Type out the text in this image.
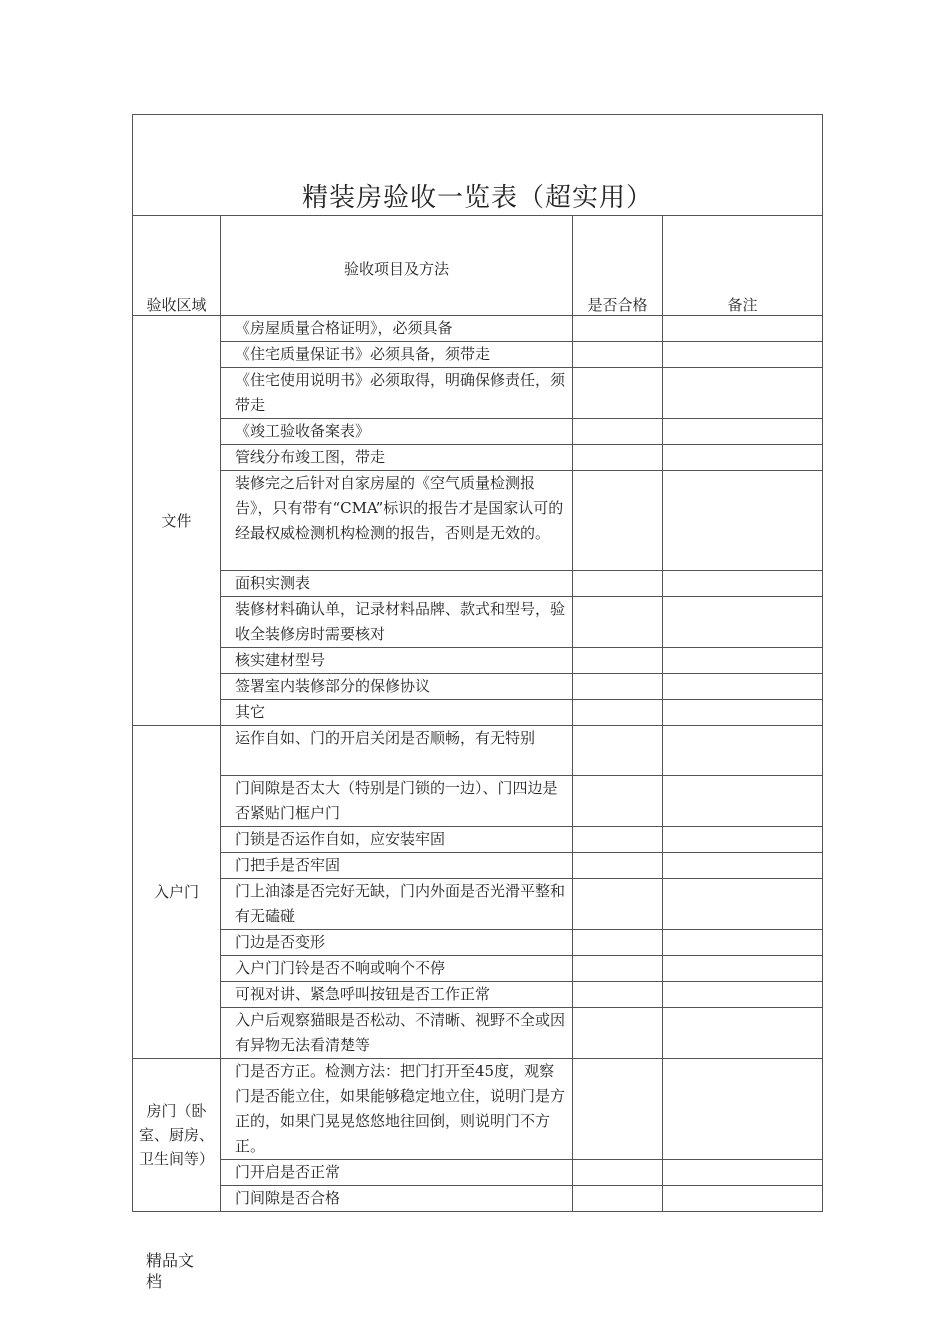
精装房验收一览表（超实用）			
验收区域	验收项目及方法	是否合格	备注
文件	《房屋质量合格证明》，必须具备		
	《住宅质量保证书》必须具备，须带走		
	《住宅使用说明书》必须取得，明确保修责任，须带走		
	《竣工验收备案表》		
	管线分布竣工图，带走		
	装修完之后针对自家房屋的《空气质量检测报告》，只有带有“CMA”标识的报告才是国家认可的经最权威检测机构检测的报告，否则是无效的。		
	面积实测表		
	装修材料确认单，记录材料品牌、款式和型号，验收全装修房时需要核对		
	核实建材型号		
	签署室内装修部分的保修协议		
	其它		
入户门	运作自如、门的开启关闭是否顺畅，有无特别		
	门间隙是否太大（特别是门锁的一边）、门四边是否紧贴门框户门		
	门锁是否运作自如，应安装牢固		
	门把手是否牢固		
	门上油漆是否完好无缺，门内外面是否光滑平整和有无磕碰		
	门边是否变形		
	入户门门铃是否不响或响个不停		
	可视对讲、紧急呼叫按钮是否工作正常		
	入户后观察猫眼是否松动、不清晰、视野不全或因有异物无法看清楚等		
房门（卧室、厨房、卫生间等）	门是否方正。检测方法：把门打开至45度，观察门是否能立住，如果能够稳定地立住，说明门是方正的，如果门晃晃悠悠地往回倒，则说明门不方正。		
	门开启是否正常		
	门间隙是否合格		
精品文档
